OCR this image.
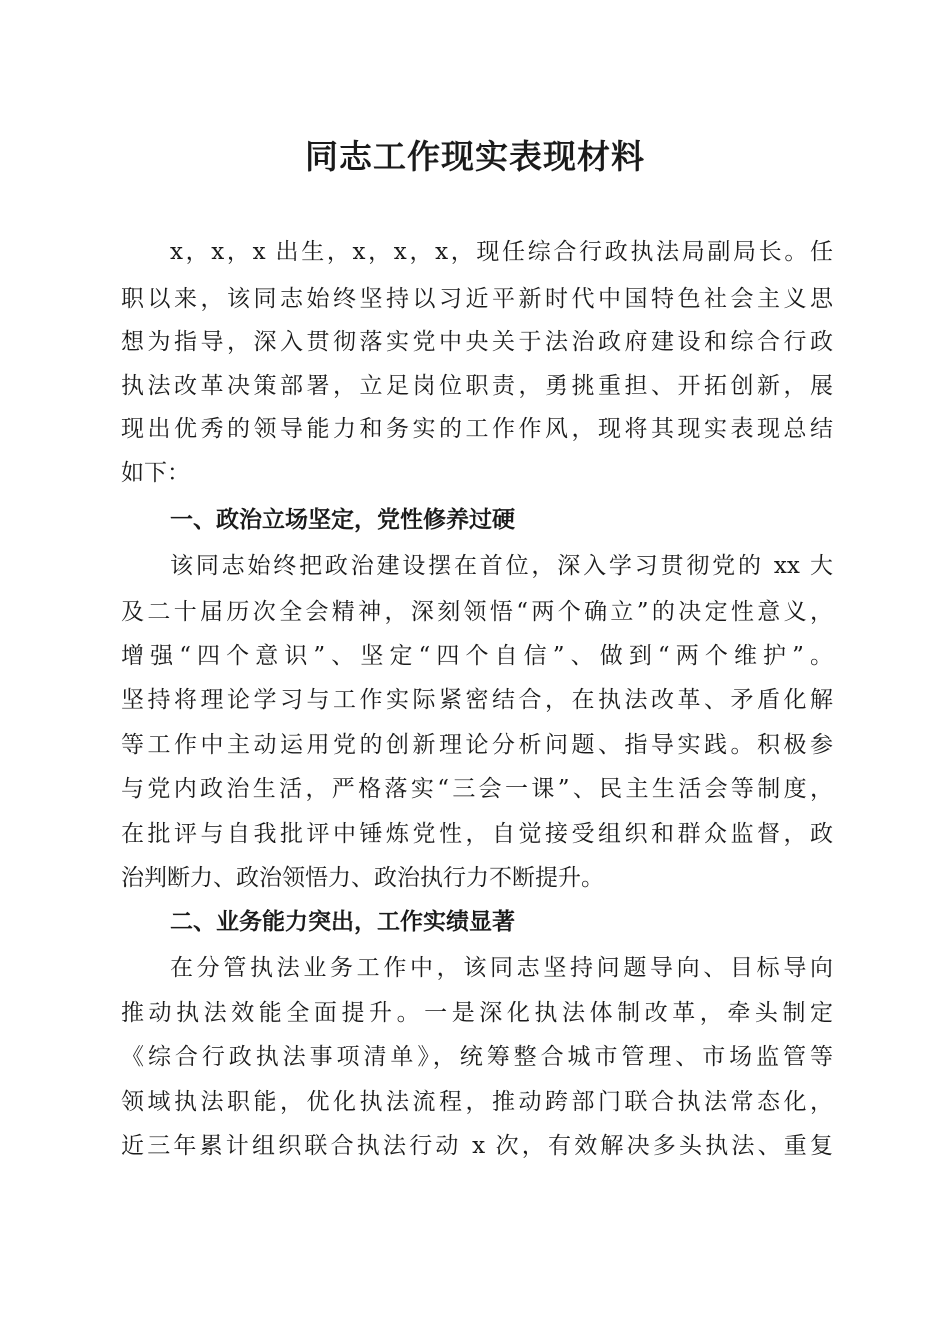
同志工作现实表现材料
x，x，x 出生，x，x，x，现任综合行政执法局副局长。任
职以来，该同志始终坚持以习近平新时代中国特色社会主义思
想为指导，深入贯彻落实党中央关于法治政府建设和综合行政
执法改革决策部署，立足岗位职责，勇挑重担、开拓创新，展
现出优秀的领导能力和务实的工作作风，现将其现实表现总结
如下：
一、政治立场坚定，党性修养过硬
该同志始终把政治建设摆在首位，深入学习贯彻党的 xx 大
及二十届历次全会精神，深刻领悟“两个确立”的决定性意义，
增强“四个意识”、坚定“四个自信”、做到“两个维护”。
坚持将理论学习与工作实际紧密结合，在执法改革、矛盾化解
等工作中主动运用党的创新理论分析问题、指导实践。积极参
与党内政治生活，严格落实“三会一课”、民主生活会等制度，
在批评与自我批评中锤炼党性，自觉接受组织和群众监督，政
治判断力、政治领悟力、政治执行力不断提升。
二、业务能力突出，工作实绩显著
在分管执法业务工作中，该同志坚持问题导向、目标导向
推动执法效能全面提升。一是深化执法体制改革，牵头制定
《综合行政执法事项清单》，统筹整合城市管理、市场监管等
领域执法职能，优化执法流程，推动跨部门联合执法常态化，
近三年累计组织联合执法行动 x 次，有效解决多头执法、重复
